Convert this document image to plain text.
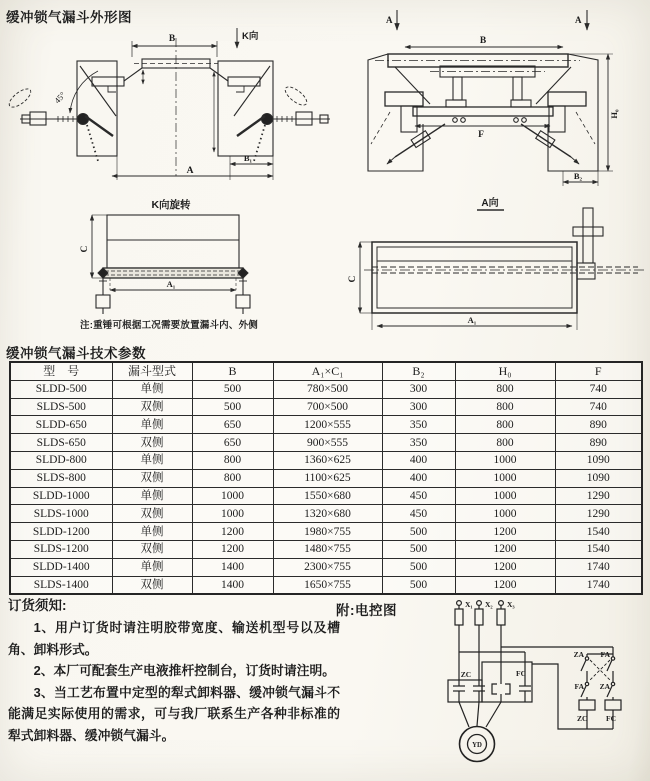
缓冲锁气漏斗外形图
B	K向
45°
A
B₁
A	A
B
F
H₀
B₂
K向旋转
C
A₁
注:重锤可根据工况需要放置漏斗内、外侧
A向
C
A₁
缓冲锁气漏斗技术参数
型　号	漏斗型式	B	A₁×C₁	B₂	H₀	F
SLDD-500	单侧	500	780×500	300	800	740
SLDS-500	双侧	500	700×500	300	800	740
SLDD-650	单侧	650	1200×555	350	800	890
SLDS-650	双侧	650	900×555	350	800	890
SLDD-800	单侧	800	1360×625	400	1000	1090
SLDS-800	双侧	800	1100×625	400	1000	1090
SLDD-1000	单侧	1000	1550×680	450	1000	1290
SLDS-1000	双侧	1000	1320×680	450	1000	1290
SLDD-1200	单侧	1200	1980×755	500	1200	1540
SLDS-1200	双侧	1200	1480×755	500	1200	1540
SLDD-1400	单侧	1400	2300×755	500	1200	1740
SLDS-1400	双侧	1400	1650×755	500	1200	1740
订货须知:

1、用户订货时请注明胶带宽度、输送机型号以及槽角、卸料形式。

2、本厂可配套生产电液推杆控制台，订货时请注明。

3、当工艺布置中定型的犁式卸料器、缓冲锁气漏斗不能满足实际使用的需求，可与我厂联系生产各种非标准的犁式卸料器、缓冲锁气漏斗。

附:电控图	X₁ X₂ X₃
ZC	FC
YD
ZA FA
FA ZA
ZC FC
